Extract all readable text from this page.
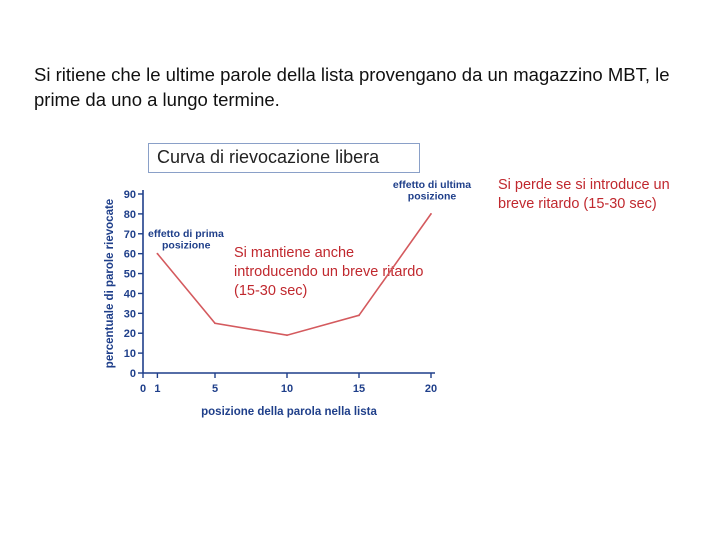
Si ritiene che le ultime parole della lista provengano da un magazzino MBT, le
prime da uno a lungo termine.
Curva di rievocazione libera
Si perde se si introduce un breve ritardo (15-30 sec)
Si mantiene anche introducendo un breve ritardo (15-30 sec)
0
10
20
30
40
50
60
70
80
90
0 1	5	10	15	20
percentuale di parole rievocate
posizione della parola nella lista
effetto di prima
posizione
effetto di ultima
posizione
